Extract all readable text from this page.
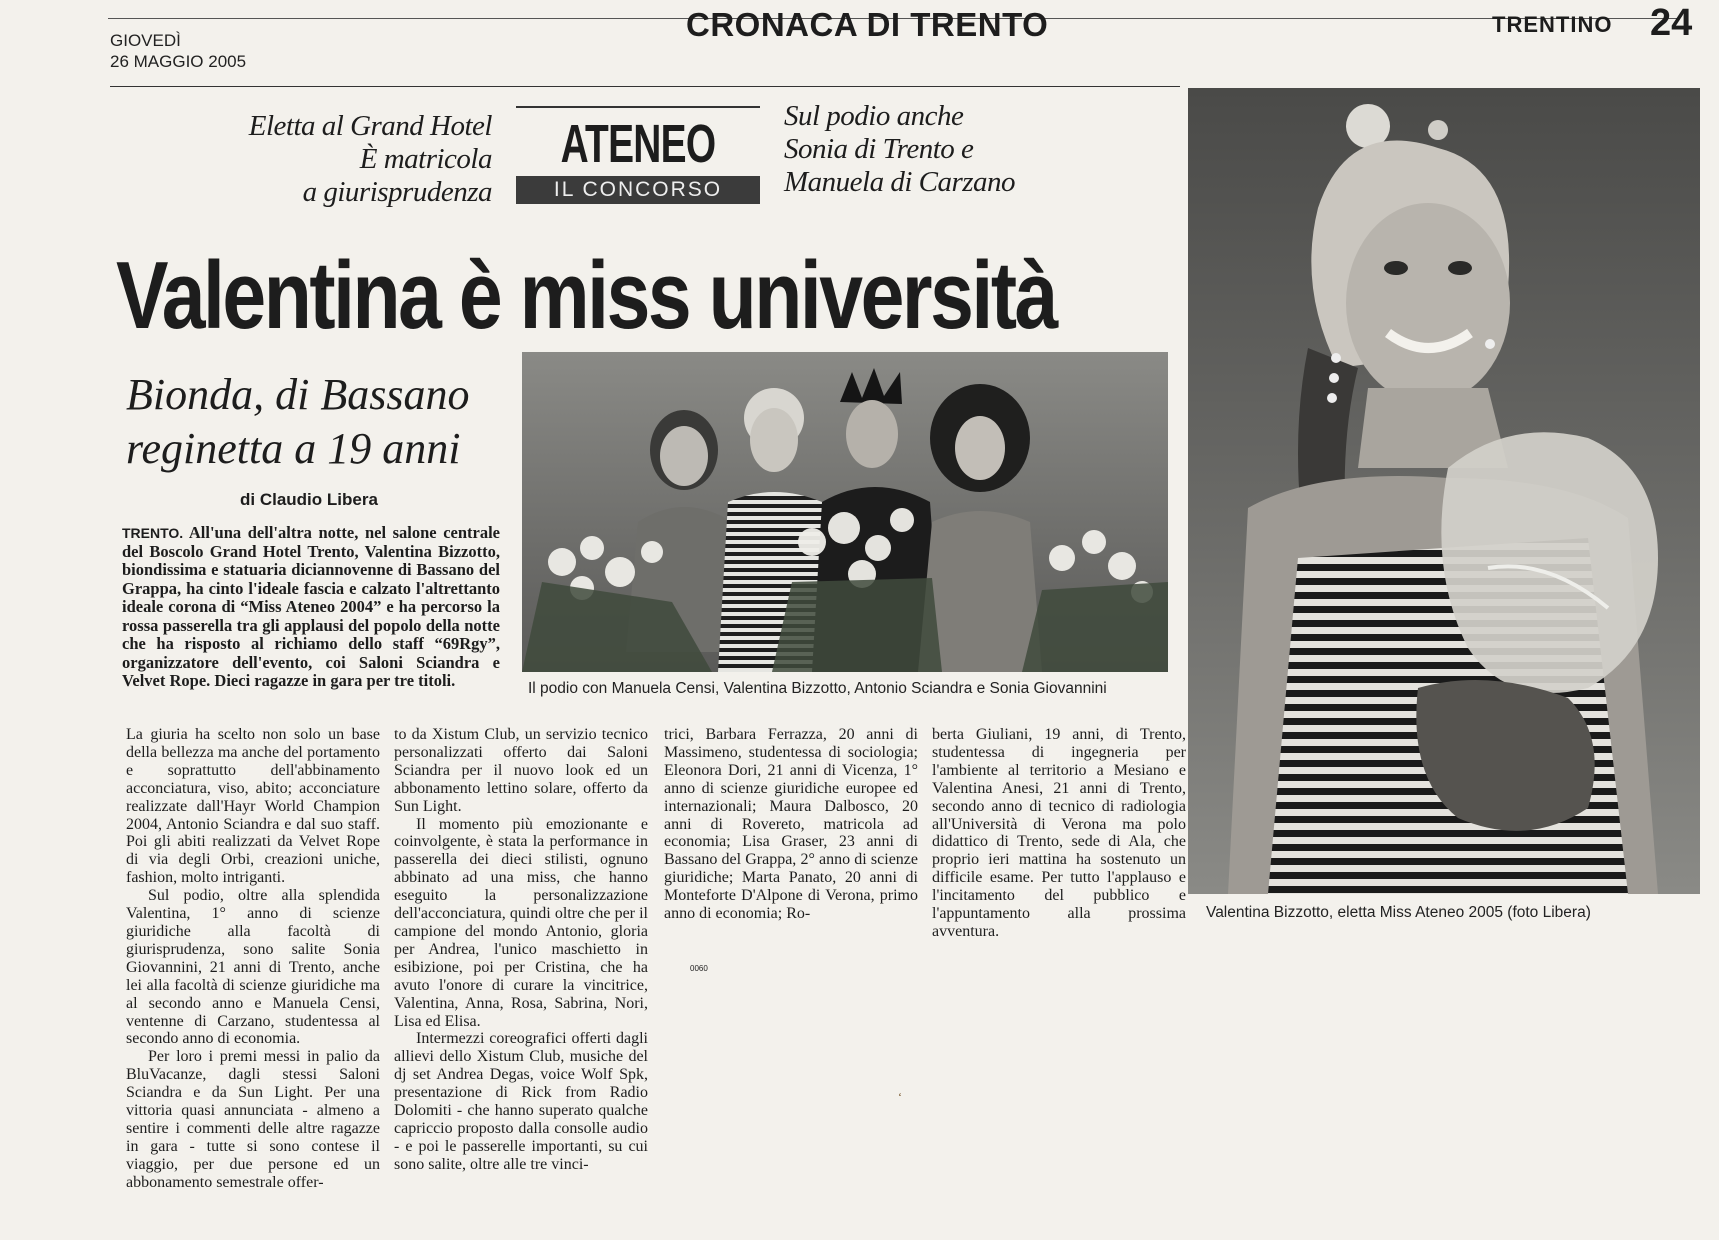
GIOVEDÌ
26 MAGGIO 2005
CRONACA DI TRENTO	TRENTINO 24
Eletta al Grand Hotel
È matricola
a giurisprudenza
ATENEO
IL CONCORSO
Sul podio anche
Sonia di Trento e
Manuela di Carzano
Valentina è miss università
Bionda, di Bassano
reginetta a 19 anni
di Claudio Libera
TRENTO. All'una dell'altra notte, nel salone centrale del Boscolo Grand Hotel Trento, Valentina Bizzotto, biondissima e statuaria diciannovenne di Bassano del Grappa, ha cinto l'ideale fascia e calzato l'altrettanto ideale corona di “Miss Ateneo 2004” e ha percorso la rossa passerella tra gli applausi del popolo della notte che ha risposto al richiamo dello staff “69Rgy”, organizzatore dell'evento, coi Saloni Sciandra e Velvet Rope. Dieci ragazze in gara per tre titoli.

La giuria ha scelto non solo un base della bellezza ma anche del portamento e soprattutto dell'abbinamento acconciatura, viso, abito; acconciature realizzate dall'Hayr World Champion 2004, Antonio Sciandra e dal suo staff. Poi gli abiti realizzati da Velvet Rope di via degli Orbi, creazioni uniche, fashion, molto intriganti.

Sul podio, oltre alla splendida Valentina, 1° anno di scienze giuridiche alla facoltà di giurisprudenza, sono salite Sonia Giovannini, 21 anni di Trento, anche lei alla facoltà di scienze giuridiche ma al secondo anno e Manuela Censi, ventenne di Carzano, studentessa al secondo anno di economia.

Per loro i premi messi in palio da BluVacanze, dagli stessi Saloni Sciandra e da Sun Light. Per una vittoria quasi annunciata - almeno a sentire i commenti delle altre ragazze in gara - tutte si sono contese il viaggio, per due persone ed un abbonamento semestrale offer-

to da Xistum Club, un servizio tecnico personalizzati offerto dai Saloni Sciandra per il nuovo look ed un abbonamento lettino solare, offerto da Sun Light.

Il momento più emozionante e coinvolgente, è stata la performance in passerella dei dieci stilisti, ognuno abbinato ad una miss, che hanno eseguito la personalizzazione dell'acconciatura, quindi oltre che per il campione del mondo Antonio, gloria per Andrea, l'unico maschietto in esibizione, poi per Cristina, che ha avuto l'onore di curare la vincitrice, Valentina, Anna, Rosa, Sabrina, Nori, Lisa ed Elisa.

Intermezzi coreografici offerti dagli allievi dello Xistum Club, musiche del dj set Andrea Degas, voice Wolf Spk, presentazione di Rick from Radio Dolomiti - che hanno superato qualche capriccio proposto dalla consolle audio - e poi le passerelle importanti, su cui sono salite, oltre alle tre vinci-

trici, Barbara Ferrazza, 20 anni di Massimeno, studentessa di sociologia; Eleonora Dori, 21 anni di Vicenza, 1° anno di scienze giuridiche europee ed internazionali; Maura Dalbosco, 20 anni di Rovereto, matricola ad economia; Lisa Graser, 23 anni di Bassano del Grappa, 2° anno di scienze giuridiche; Marta Panato, 20 anni di Monteforte D'Alpone di Verona, primo anno di economia; Ro-

berta Giuliani, 19 anni, di Trento, studentessa di ingegneria per l'ambiente al territorio a Mesiano e Valentina Anesi, 21 anni di Trento, secondo anno di tecnico di radiologia all'Università di Verona ma polo didattico di Trento, sede di Ala, che proprio ieri mattina ha sostenuto un difficile esame. Per tutto l'applauso e l'incitamento del pubblico e l'appuntamento alla prossima avventura.

0060
Il podio con Manuela Censi, Valentina Bizzotto, Antonio Sciandra e Sonia Giovannini
Valentina Bizzotto, eletta Miss Ateneo 2005 (foto Libera)
‘
